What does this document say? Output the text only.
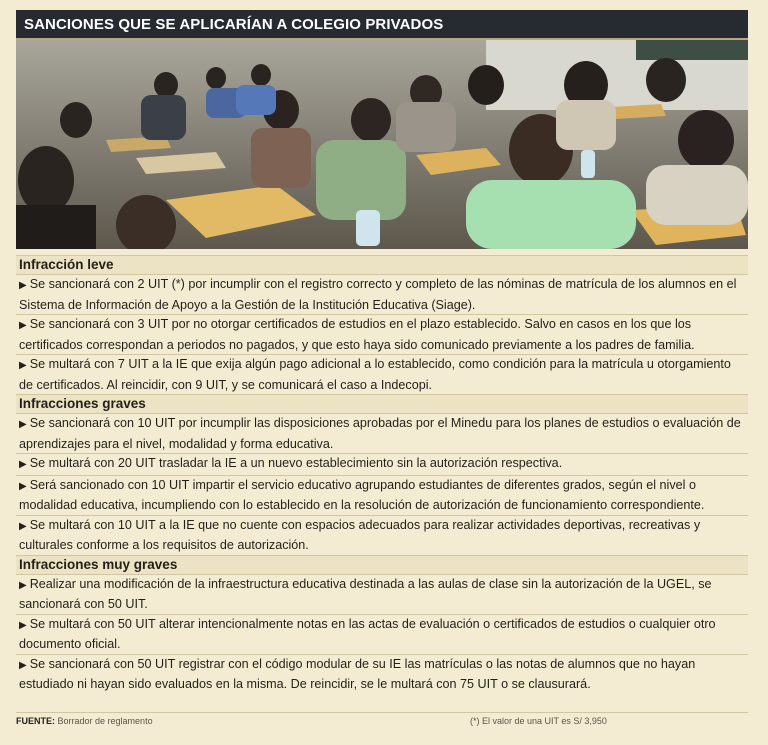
SANCIONES QUE SE APLICARÍAN A COLEGIO PRIVADOS
Infracción leve
▶ Se sancionará con 2 UIT (*) por incumplir con el registro correcto y completo de las nóminas de matrícula de los alumnos en el Sistema de Información de Apoyo a la Gestión de la Institución Educativa (Siage).
▶ Se sancionará con 3 UIT por no otorgar certificados de estudios en el plazo establecido. Salvo en casos en los que los certificados correspondan a periodos no pagados, y que esto haya sido comunicado previamente a los padres de familia.
▶ Se multará con 7 UIT a la IE que exija algún pago adicional a lo establecido, como condición para la matrícula u otorgamiento de certificados. Al reincidir, con 9 UIT, y se comunicará el caso a Indecopi.
Infracciones graves
▶ Se sancionará con 10 UIT por incumplir las disposiciones aprobadas por el Minedu para los planes de estudios o evaluación de aprendizajes para el nivel, modalidad y forma educativa.
▶ Se multará con 20 UIT trasladar la IE a un nuevo establecimiento sin la autorización respectiva.
▶ Será sancionado con 10 UIT impartir el servicio educativo agrupando estudiantes de diferentes grados, según el nivel o modalidad educativa, incumpliendo con lo establecido en la resolución de autorización de funcionamiento correspondiente.
▶ Se multará con 10 UIT a la IE que no cuente con espacios adecuados para realizar actividades deportivas, recreativas y culturales conforme a los requisitos de autorización.
Infracciones muy graves
▶ Realizar una modificación de la infraestructura educativa destinada a las aulas de clase sin la autorización de la UGEL, se sancionará con 50 UIT.
▶ Se multará con 50 UIT alterar intencionalmente notas en las actas de evaluación o certificados de estudios o cualquier otro documento oficial.
▶ Se sancionará con 50 UIT registrar con el código modular de su IE las matrículas o las notas de alumnos que no hayan estudiado ni hayan sido evaluados en la misma. De reincidir, se le multará con 75 UIT o se clausurará.
FUENTE: Borrador de reglamento	(*) El valor de una UIT es S/ 3,950
